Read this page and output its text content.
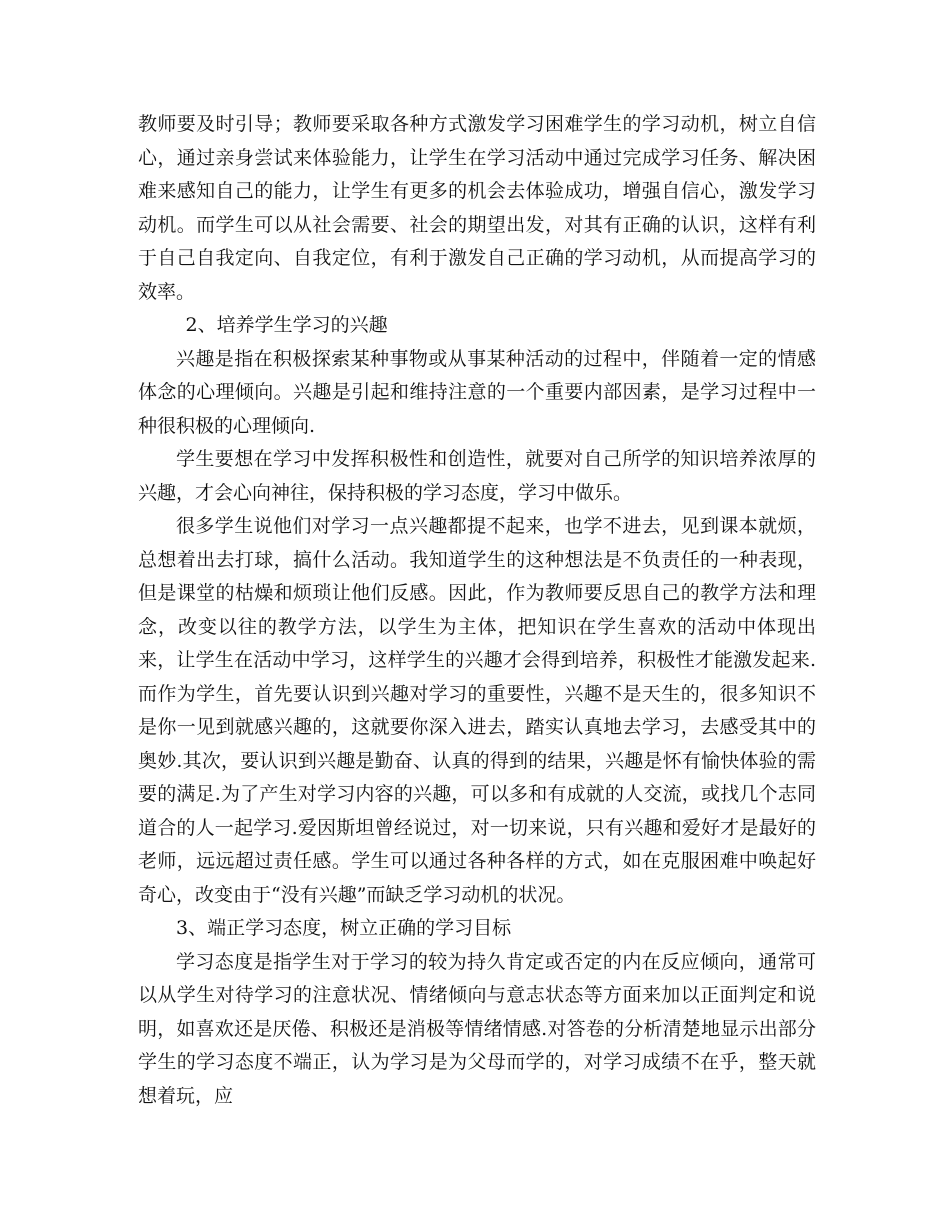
教师要及时引导；教师要采取各种方式激发学习困难学生的学习动机，树立自信心，通过亲身尝试来体验能力，让学生在学习活动中通过完成学习任务、解决困难来感知自己的能力，让学生有更多的机会去体验成功，增强自信心，激发学习动机。而学生可以从社会需要、社会的期望出发，对其有正确的认识，这样有利于自己自我定向、自我定位，有利于激发自己正确的学习动机，从而提高学习的效率。

2、培养学生学习的兴趣

兴趣是指在积极探索某种事物或从事某种活动的过程中，伴随着一定的情感体念的心理倾向。兴趣是引起和维持注意的一个重要内部因素，是学习过程中一种很积极的心理倾向.

学生要想在学习中发挥积极性和创造性，就要对自己所学的知识培养浓厚的兴趣，才会心向神往，保持积极的学习态度，学习中做乐。

很多学生说他们对学习一点兴趣都提不起来，也学不进去，见到课本就烦，总想着出去打球，搞什么活动。我知道学生的这种想法是不负责任的一种表现，但是课堂的枯燥和烦琐让他们反感。因此，作为教师要反思自己的教学方法和理念，改变以往的教学方法，以学生为主体，把知识在学生喜欢的活动中体现出来，让学生在活动中学习，这样学生的兴趣才会得到培养，积极性才能激发起来.而作为学生，首先要认识到兴趣对学习的重要性，兴趣不是天生的，很多知识不是你一见到就感兴趣的，这就要你深入进去，踏实认真地去学习，去感受其中的奥妙.其次，要认识到兴趣是勤奋、认真的得到的结果，兴趣是怀有愉快体验的需要的满足.为了产生对学习内容的兴趣，可以多和有成就的人交流，或找几个志同道合的人一起学习.爱因斯坦曾经说过，对一切来说，只有兴趣和爱好才是最好的老师，远远超过责任感。学生可以通过各种各样的方式，如在克服困难中唤起好奇心，改变由于“没有兴趣”而缺乏学习动机的状况。

3、端正学习态度，树立正确的学习目标

学习态度是指学生对于学习的较为持久肯定或否定的内在反应倾向，通常可以从学生对待学习的注意状况、情绪倾向与意志状态等方面来加以正面判定和说明，如喜欢还是厌倦、积极还是消极等情绪情感.对答卷的分析清楚地显示出部分学生的学习态度不端正，认为学习是为父母而学的，对学习成绩不在乎，整天就想着玩，应
